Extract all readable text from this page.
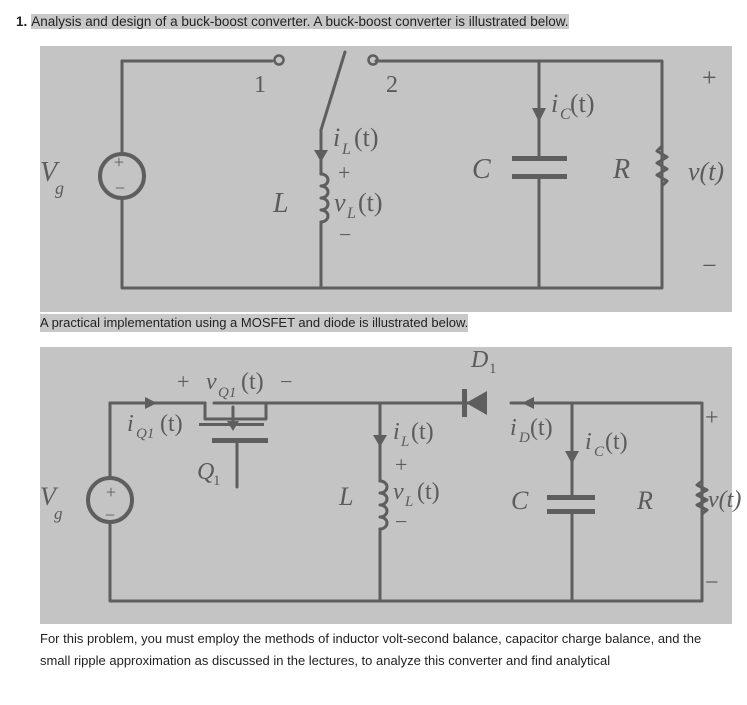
1. Analysis and design of a buck-boost converter. A buck-boost converter is illustrated below.
+
−
V
g
1	2
i L (t)
+
v L (t)
−
L
i C (t)
C	R
+
v(t)
−
A practical implementation using a MOSFET and diode is illustrated below.
+
−
V
g
+ v Q1 (t) −
i Q1 (t)
Q
1
D 1
i L (t)
+
v L (t)
−
L
i D (t)
i C (t)
C	R
+
v(t)
−
For this problem, you must employ the methods of inductor volt-second balance, capacitor charge balance, and the small ripple approximation as discussed in the lectures, to analyze this converter and find analytical
